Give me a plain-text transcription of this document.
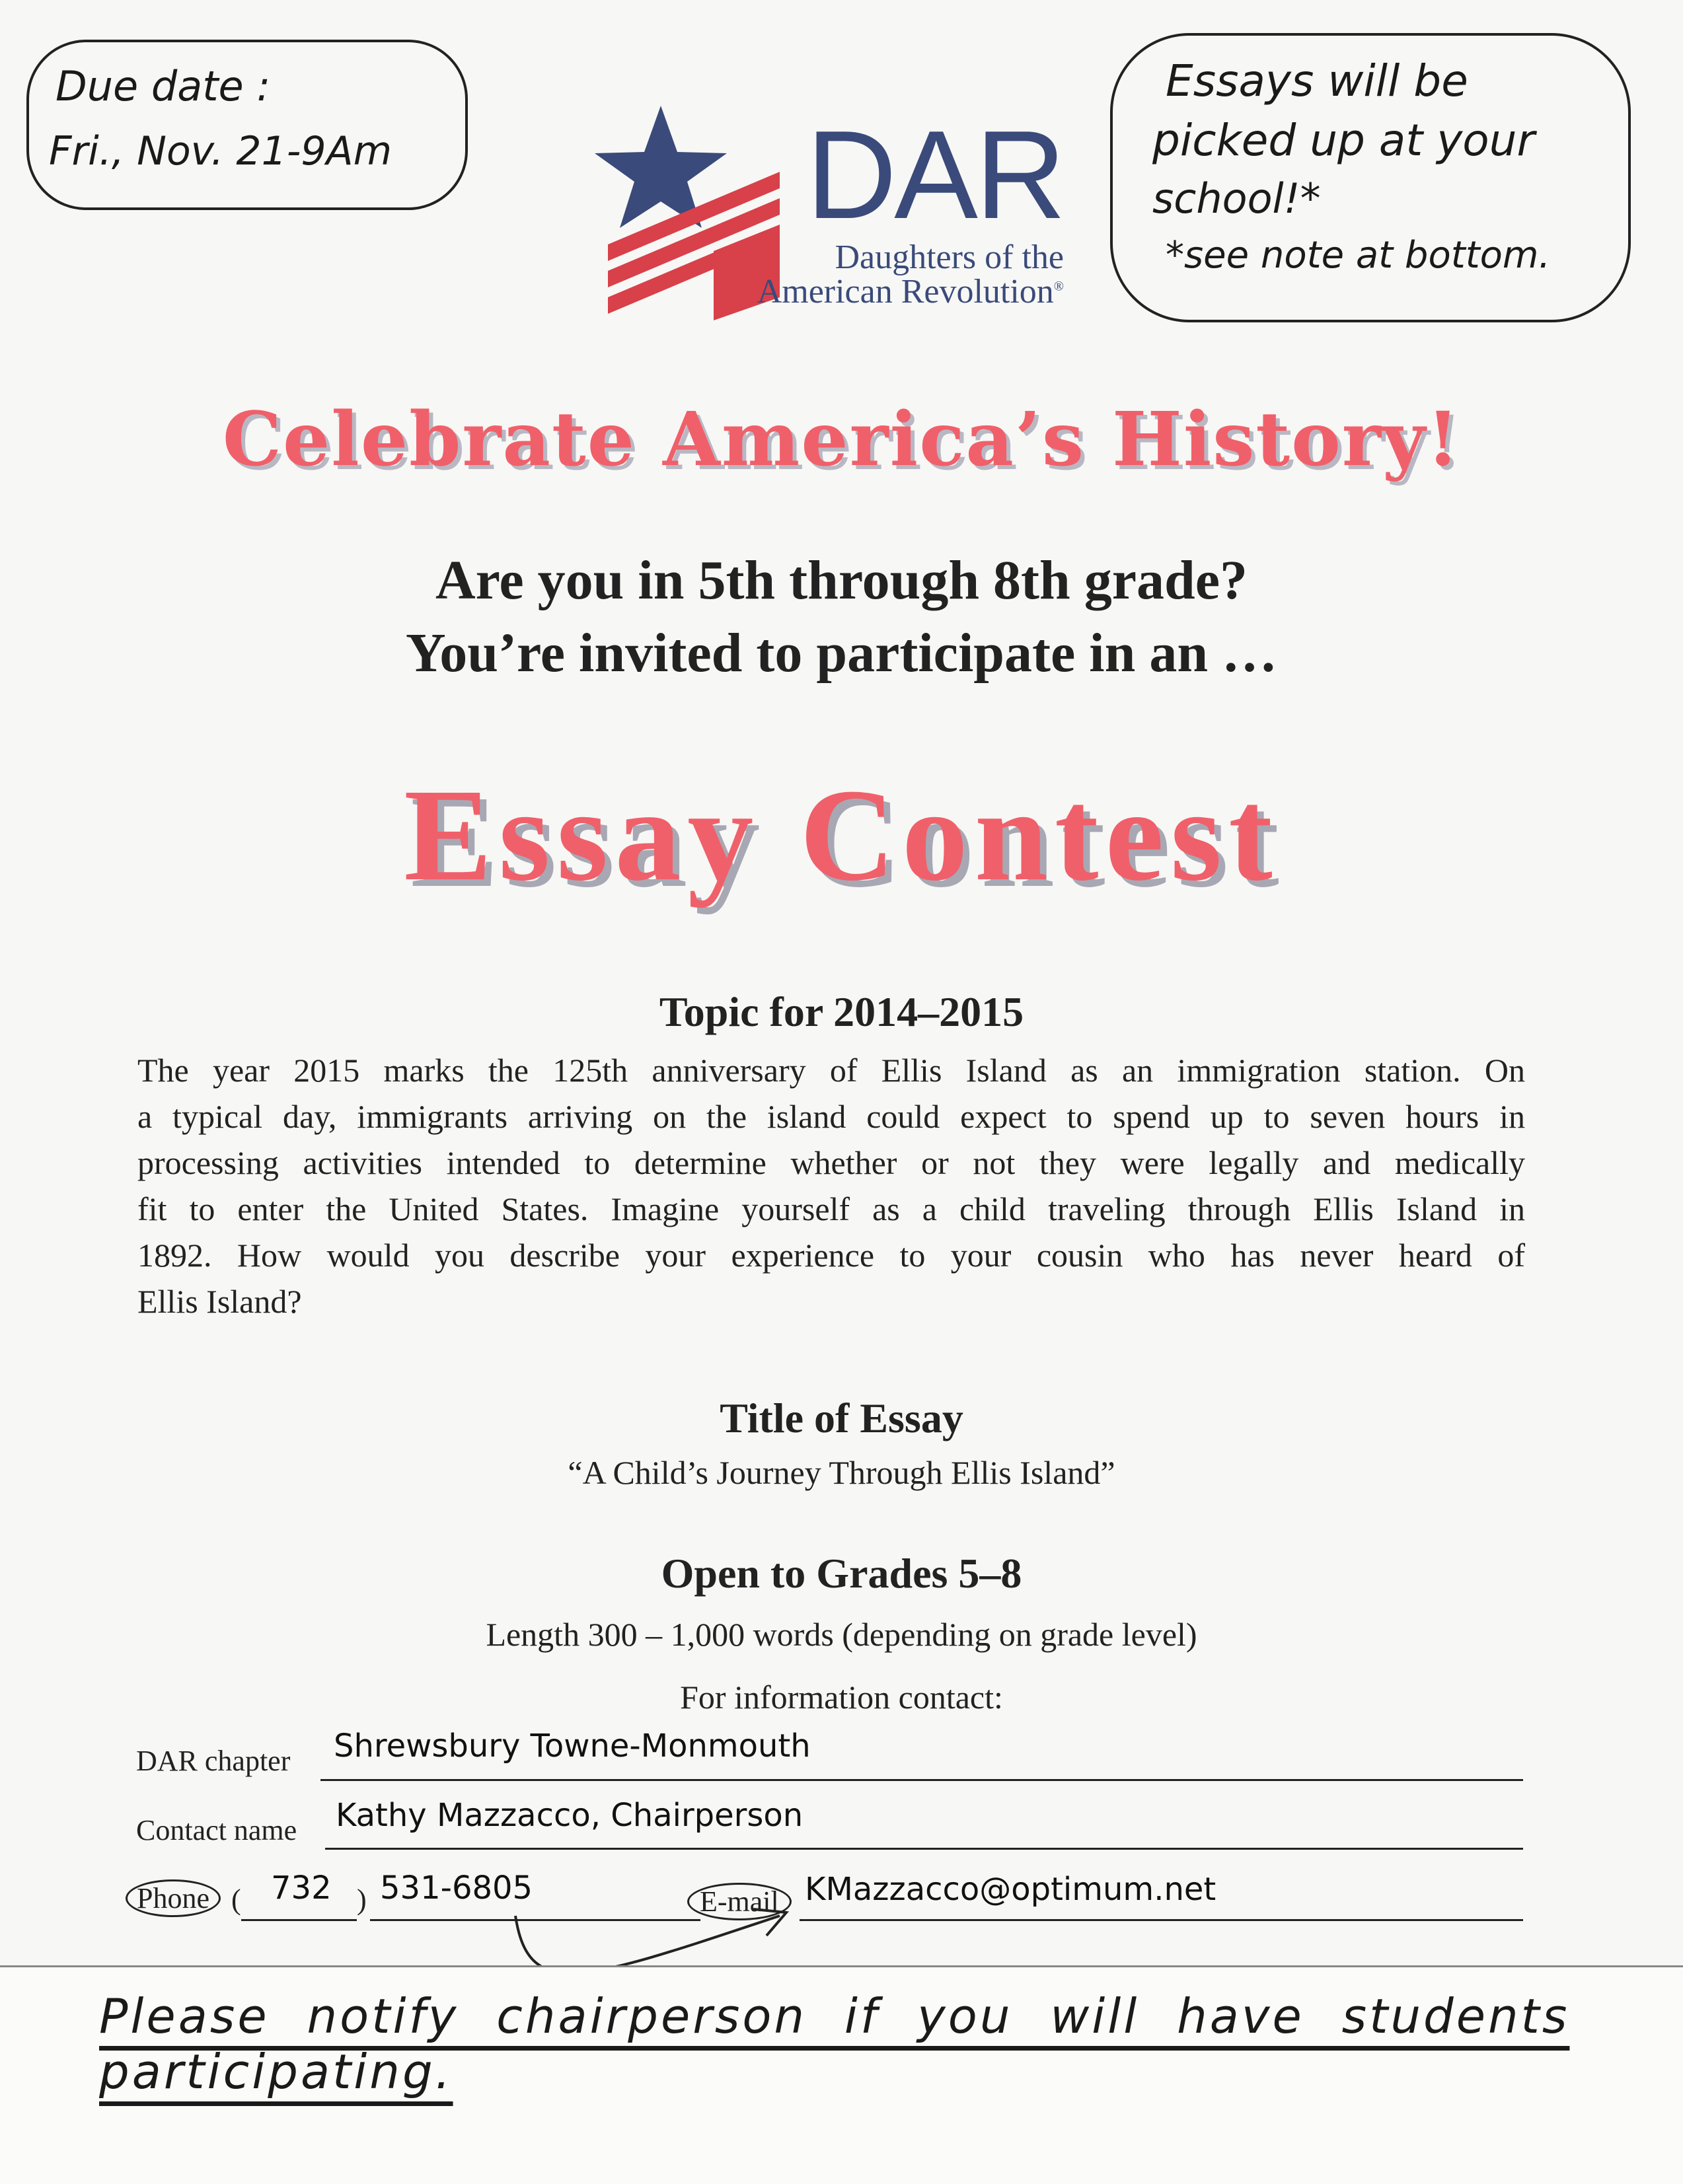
Due date :
Fri., Nov. 21-9Am
Essays will be
picked up at your
school!*
*see note at bottom.
DAR
Daughters of the
American Revolution®
Celebrate America’s History!
Are you in 5th through 8th grade?
You’re invited to participate in an …
Essay Contest
Topic for 2014–2015
The year 2015 marks the 125th anniversary of Ellis Island as an immigration station. On
a typical day, immigrants arriving on the island could expect to spend up to seven hours in
processing activities intended to determine whether or not they were legally and medically
fit to enter the United States. Imagine yourself as a child traveling through Ellis Island in
1892. How would you describe your experience to your cousin who has never heard of
Ellis Island?
Title of Essay
“A Child’s Journey Through Ellis Island”
Open to Grades 5–8
Length 300 – 1,000 words (depending on grade level)
For information contact:
DAR chapter Shrewsbury Towne-Monmouth
Contact name Kathy Mazzacco, Chairperson
Phone ( 732 ) 531-6805	E-mail KMazzacco@optimum.net
Please notify chairperson if you will have students participating.
